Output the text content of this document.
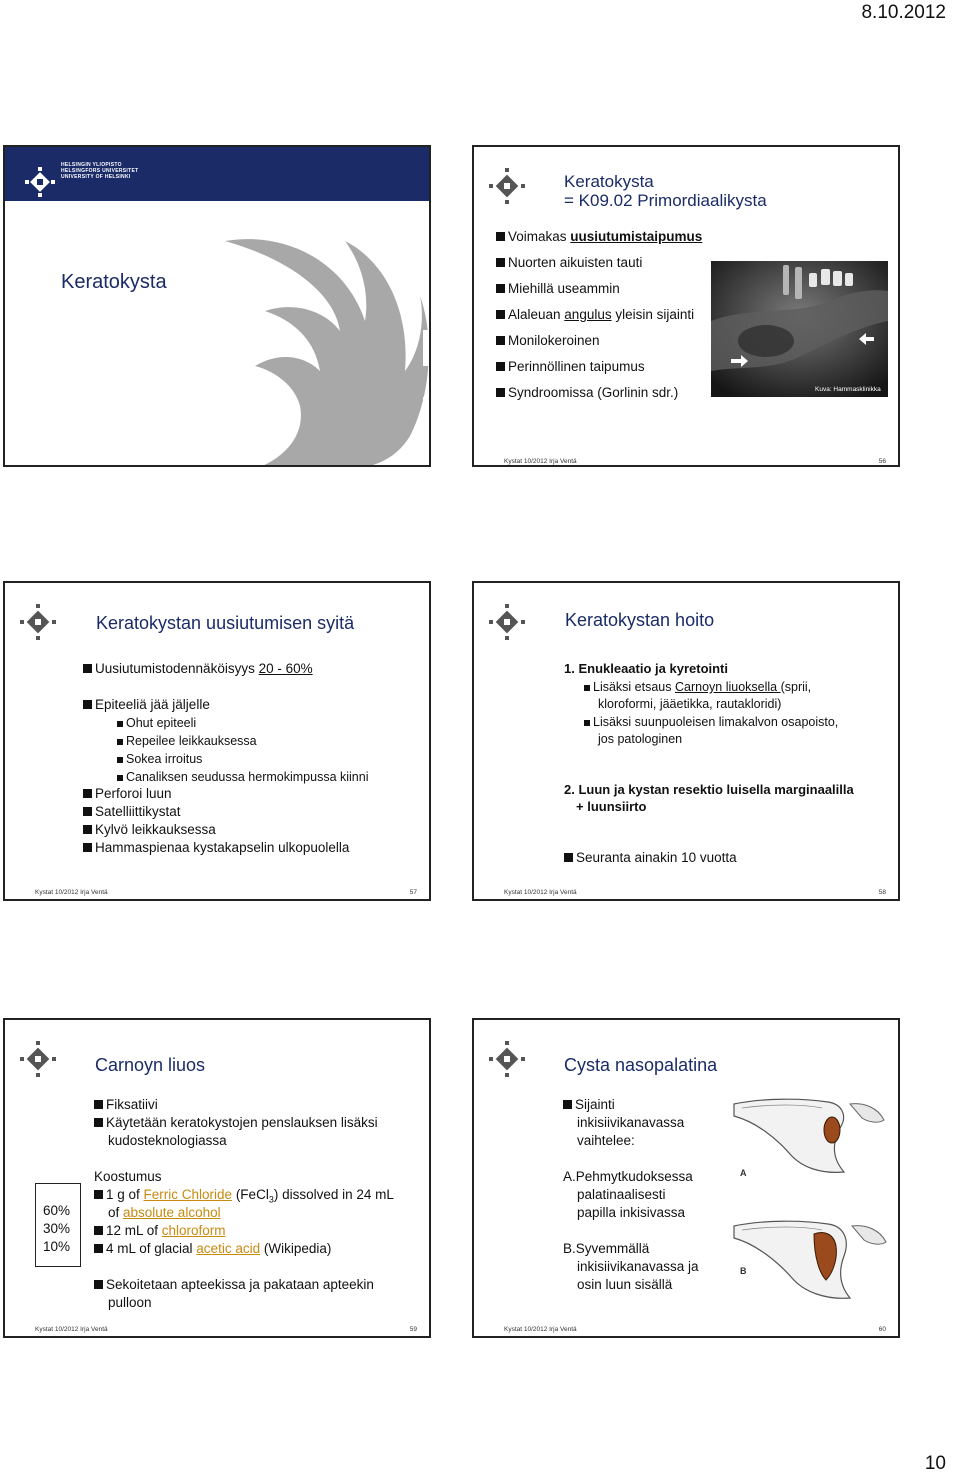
8.10.2012
HELSINGIN YLIOPISTO
HELSINGFORS UNIVERSITET
UNIVERSITY OF HELSINKI
Keratokysta
Keratokysta
= K09.02 Primordiaalikysta
Voimakas uusiutumistaipumus
Nuorten aikuisten tauti
Miehillä useammin
Alaleuan angulus yleisin sijainti
Monilokeroinen
Perinnöllinen taipumus
Syndroomissa (Gorlinin sdr.)	Kuva: Hammasklinikka
Kystat 10/2012 Irja Ventä	56
Keratokystan uusiutumisen syitä
Uusiutumistodennäköisyys 20 - 60%
Epiteeliä jää jäljelle
Ohut epiteeli
Repeilee leikkauksessa
Sokea irroitus
Canaliksen seudussa hermokimpussa kiinni
Perforoi luun
Satelliittikystat
Kylvö leikkauksessa
Hammaspienaa kystakapselin ulkopuolella
Kystat 10/2012 Irja Ventä	57
Keratokystan hoito
1. Enukleaatio ja kyretointi
Lisäksi etsaus Carnoyn liuoksella (sprii,
kloroformi, jääetikka, rautakloridi)
Lisäksi suunpuoleisen limakalvon osapoisto,
jos patologinen
2. Luun ja kystan resektio luisella marginaalilla
+ luunsiirto
Seuranta ainakin 10 vuotta
Kystat 10/2012 Irja Ventä	58
Carnoyn liuos
Fiksatiivi
Käytetään keratokystojen penslauksen lisäksi
kudosteknologiassa
Koostumus
60%
30%
10%
1 g of Ferric Chloride (FeCl$_3$) dissolved in 24 mL
of absolute alcohol
12 mL of chloroform
4 mL of glacial acetic acid (Wikipedia)
Sekoitetaan apteekissa ja pakataan apteekin
pulloon
Kystat 10/2012 Irja Ventä	59
Cysta nasopalatina
Sijainti
inkisiivikanavassa
vaihtelee:
A.Pehmytkudoksessa
palatinaalisesti
papilla inkisivassa
B.Syvemmällä
inkisiivikanavassa ja
osin luun sisällä
A
B
Kystat 10/2012 Irja Ventä	60
10
